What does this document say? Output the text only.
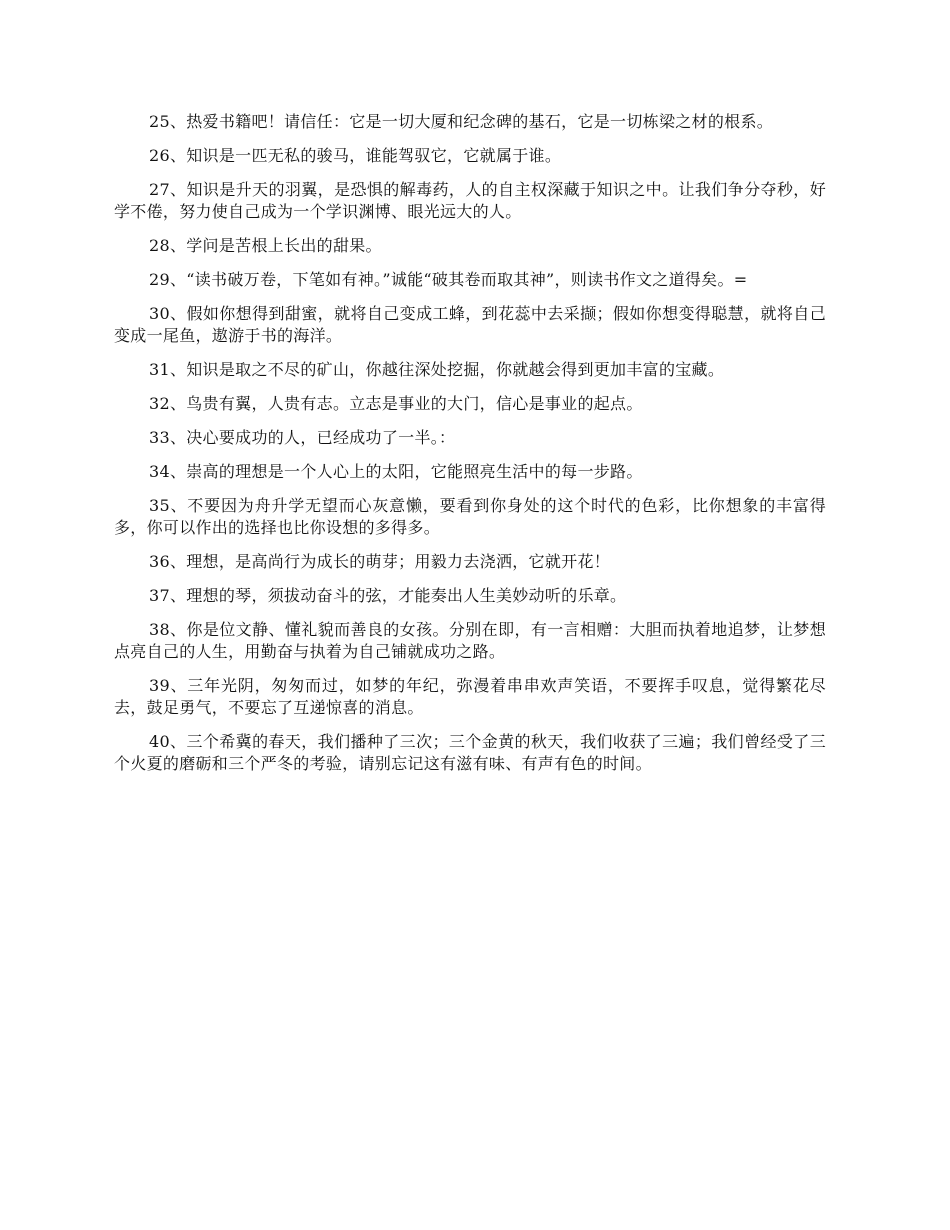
25、热爱书籍吧！请信任：它是一切大厦和纪念碑的基石，它是一切栋梁之材的根系。

26、知识是一匹无私的骏马，谁能驾驭它，它就属于谁。

27、知识是升天的羽翼，是恐惧的解毒药，人的自主权深藏于知识之中。让我们争分夺秒，好学不倦，努力使自己成为一个学识渊博、眼光远大的人。

28、学问是苦根上长出的甜果。

29、“读书破万卷，下笔如有神。”诚能“破其卷而取其神”，则读书作文之道得矣。=

30、假如你想得到甜蜜，就将自己变成工蜂，到花蕊中去采撷；假如你想变得聪慧，就将自己变成一尾鱼，遨游于书的海洋。

31、知识是取之不尽的矿山，你越往深处挖掘，你就越会得到更加丰富的宝藏。

32、鸟贵有翼，人贵有志。立志是事业的大门，信心是事业的起点。

33、决心要成功的人，已经成功了一半。：

34、崇高的理想是一个人心上的太阳，它能照亮生活中的每一步路。

35、不要因为舟升学无望而心灰意懒，要看到你身处的这个时代的色彩，比你想象的丰富得多，你可以作出的选择也比你设想的多得多。

36、理想，是高尚行为成长的萌芽；用毅力去浇洒，它就开花！

37、理想的琴，须拔动奋斗的弦，才能奏出人生美妙动听的乐章。

38、你是位文静、懂礼貌而善良的女孩。分别在即，有一言相赠：大胆而执着地追梦，让梦想点亮自己的人生，用勤奋与执着为自己铺就成功之路。

39、三年光阴，匆匆而过，如梦的年纪，弥漫着串串欢声笑语，不要挥手叹息，觉得繁花尽去，鼓足勇气，不要忘了互递惊喜的消息。

40、三个希冀的春天，我们播种了三次；三个金黄的秋天，我们收获了三遍；我们曾经受了三个火夏的磨砺和三个严冬的考验，请别忘记这有滋有味、有声有色的时间。
